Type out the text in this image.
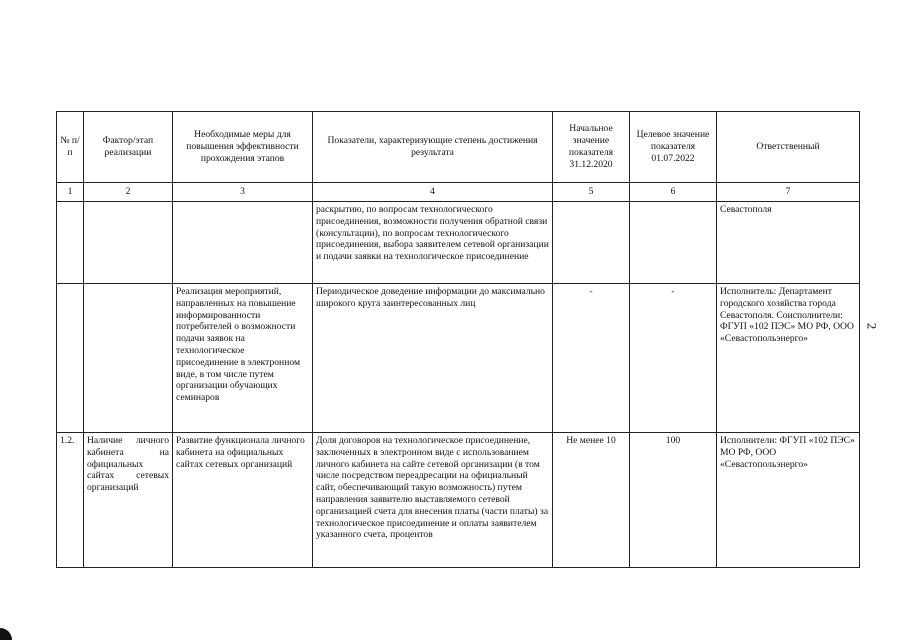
№ п/п	Фактор/этап реализации	Необходимые меры для повышения эффективности прохождения этапов	Показатели, характеризующие степень достижения результата	Начальное значение показателя 31.12.2020	Целевое значение показателя 01.07.2022	Ответственный
1	2	3	4	5	6	7
			раскрытию, по вопросам технологического присоединения, возможности получения обратной связи (консультации), по вопросам технологического присоединения, выбора заявителем сетевой организации и подачи заявки на технологическое присоединение			Севастополя
		Реализация мероприятий, направленных на повышение информированности потребителей о возможности подачи заявок на технологическое присоединение в электронном виде, в том числе путем организации обучающих семинаров	Периодическое доведение информации до максимально широкого круга заинтересованных лиц	-	-	Исполнитель: Департамент городского хозяйства города Севастополя. Соисполнители: ФГУП «102 ПЭС» МО РФ, ООО «Севастопольэнерго»
1.2.	Наличие личного кабинета на официальных сайтах сетевых организаций	Развитие функционала личного кабинета на официальных сайтах сетевых организаций	Доля договоров на технологическое присоединение, заключенных в электронном виде с использованием личного кабинета на сайте сетевой организации (в том числе посредством переадресации на официальный сайт, обеспечивающий такую возможность) путем направления заявителю выставляемого сетевой организацией счета для внесения платы (части платы) за технологическое присоединение и оплаты заявителем указанного счета, процентов	Не менее 10	100	Исполнители: ФГУП «102 ПЭС» МО РФ, ООО «Севастопольэнерго»
2
